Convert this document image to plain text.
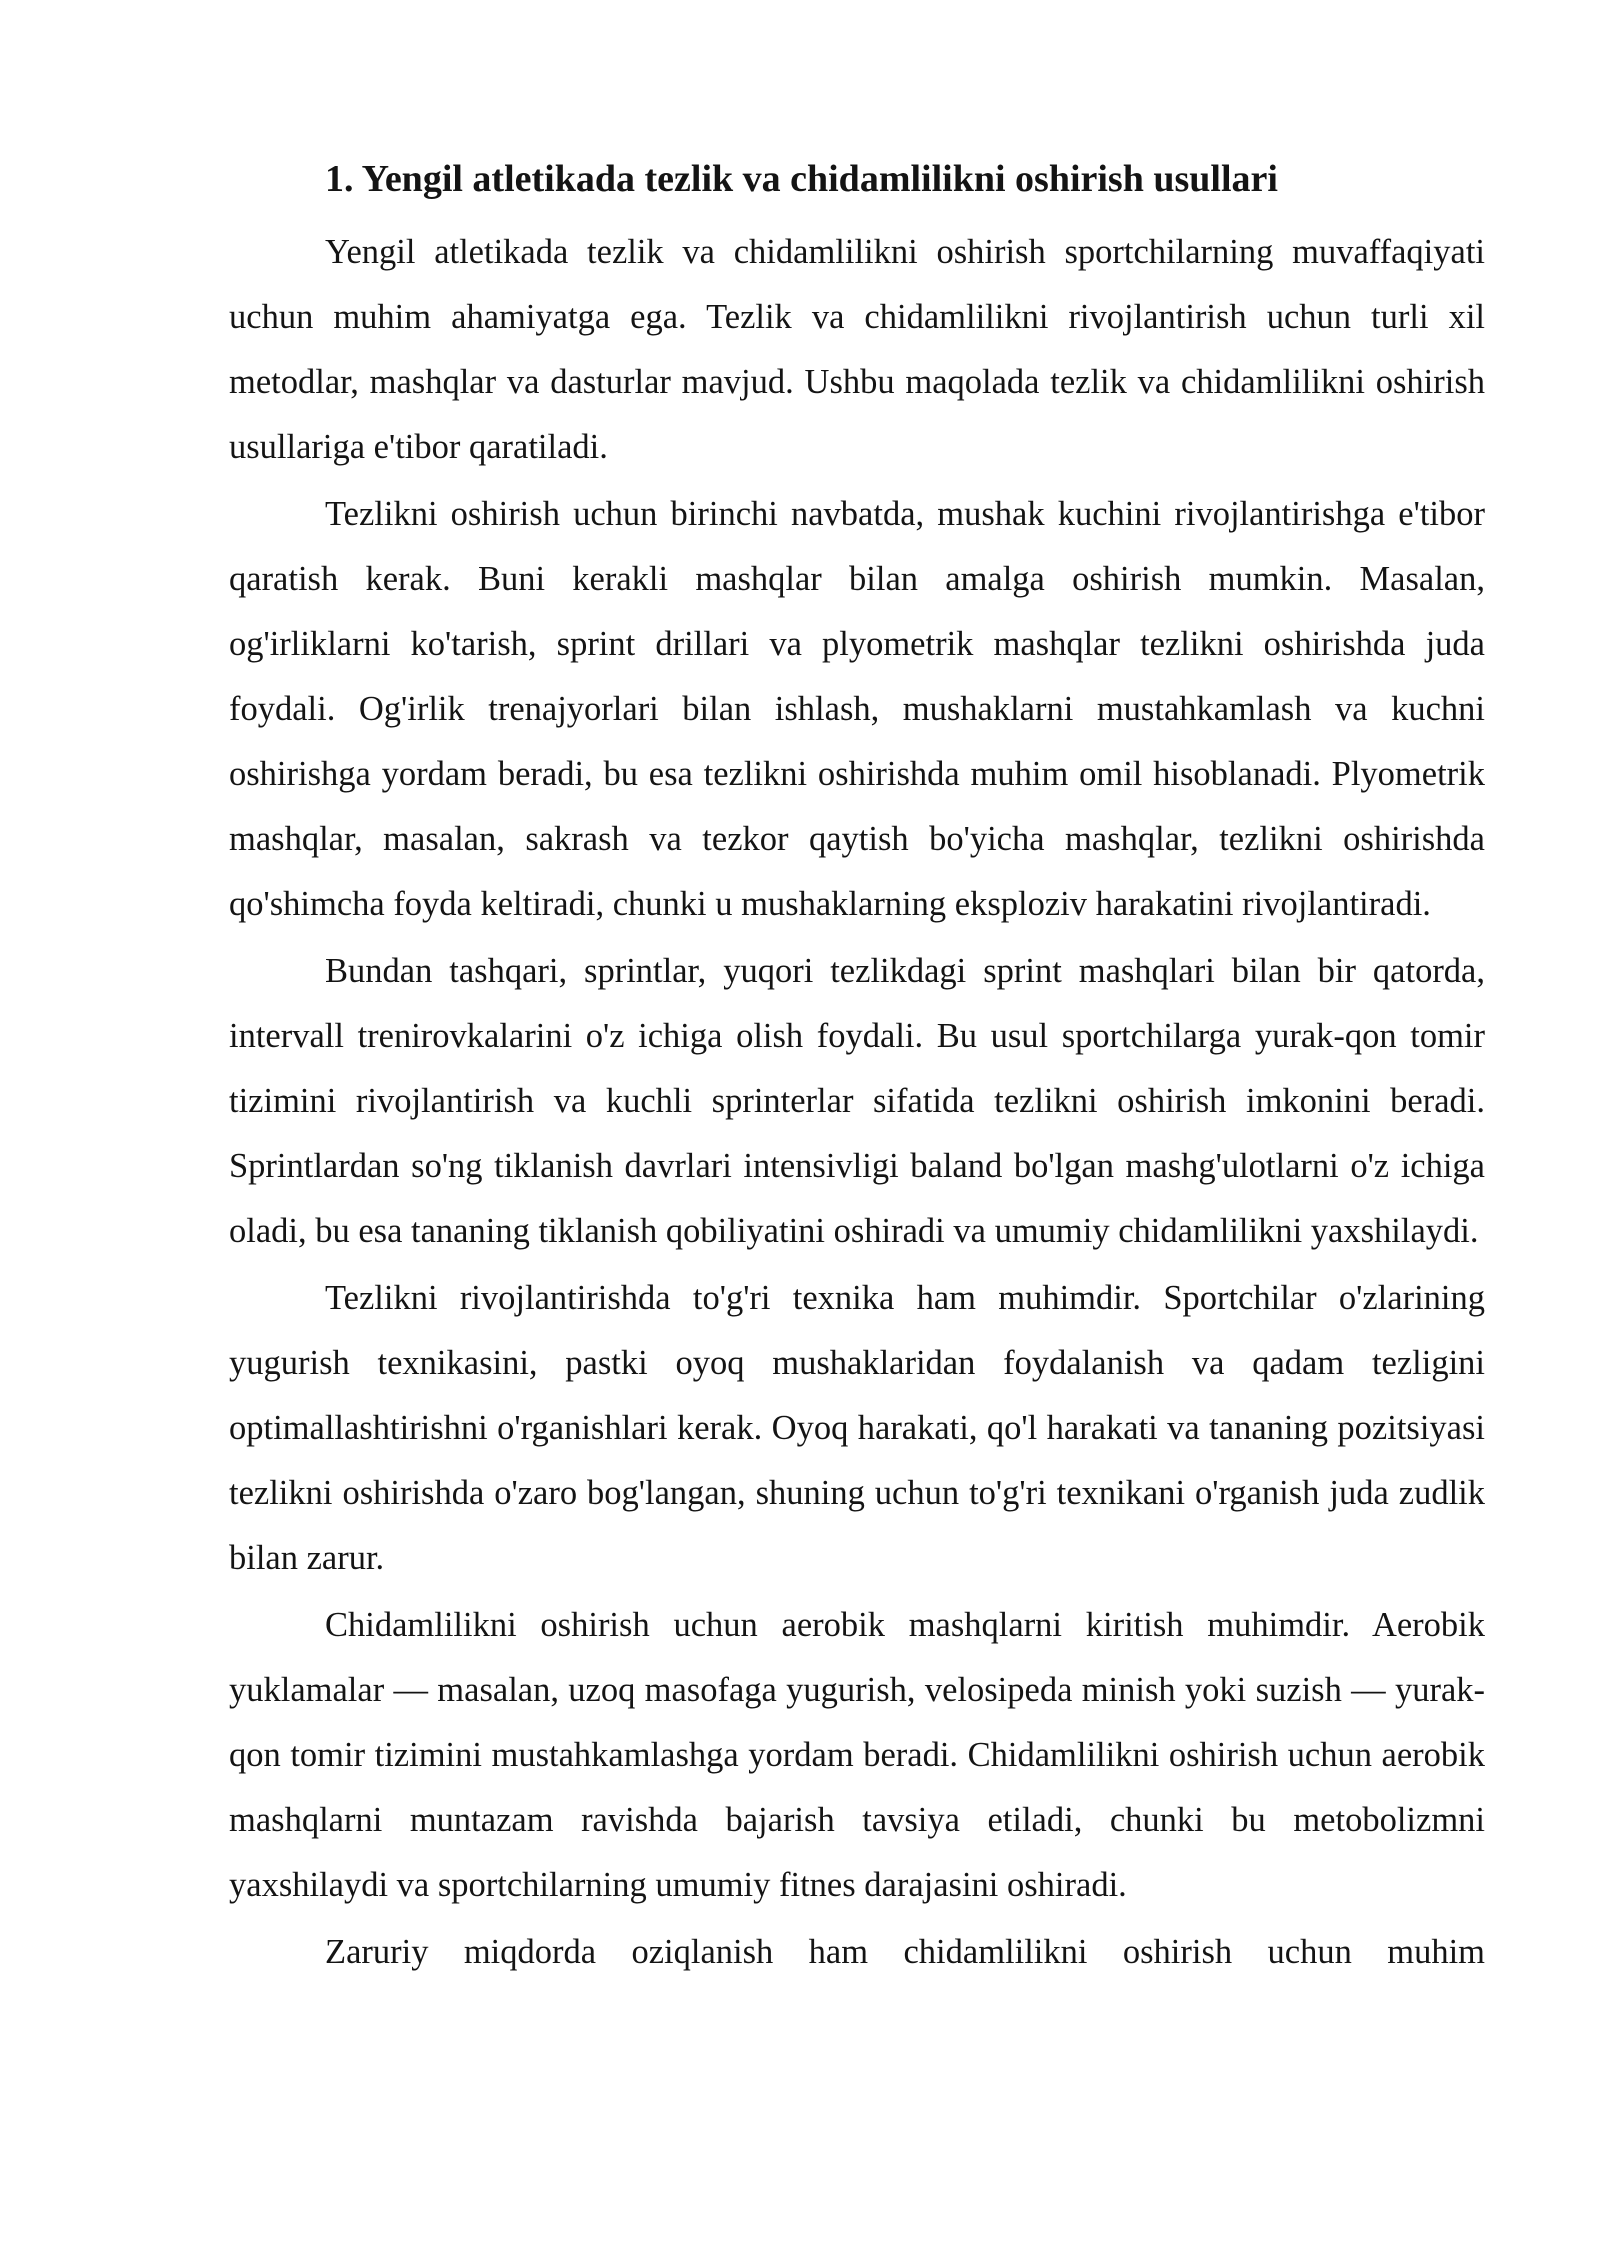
1. Yengil atletikada tezlik va chidamlilikni oshirish usullari

Yengil atletikada tezlik va chidamlilikni oshirish sportchilarning muvaffaqiyati uchun muhim ahamiyatga ega. Tezlik va chidamlilikni rivojlantirish uchun turli xil metodlar, mashqlar va dasturlar mavjud. Ushbu maqolada tezlik va chidamlilikni oshirish usullariga e'tibor qaratiladi.

Tezlikni oshirish uchun birinchi navbatda, mushak kuchini rivojlantirishga e'tibor qaratish kerak. Buni kerakli mashqlar bilan amalga oshirish mumkin. Masalan, og'irliklarni ko'tarish, sprint drillari va plyometrik mashqlar tezlikni oshirishda juda foydali. Og'irlik trenajyorlari bilan ishlash, mushaklarni mustahkamlash va kuchni oshirishga yordam beradi, bu esa tezlikni oshirishda muhim omil hisoblanadi. Plyometrik mashqlar, masalan, sakrash va tezkor qaytish bo'yicha mashqlar, tezlikni oshirishda qo'shimcha foyda keltiradi, chunki u mushaklarning eksploziv harakatini rivojlantiradi.

Bundan tashqari, sprintlar, yuqori tezlikdagi sprint mashqlari bilan bir qatorda, intervall trenirovkalarini o'z ichiga olish foydali. Bu usul sportchilarga yurak-qon tomir tizimini rivojlantirish va kuchli sprinterlar sifatida tezlikni oshirish imkonini beradi. Sprintlardan so'ng tiklanish davrlari intensivligi baland bo'lgan mashg'ulotlarni o'z ichiga oladi, bu esa tananing tiklanish qobiliyatini oshiradi va umumiy chidamlilikni yaxshilaydi.

Tezlikni rivojlantirishda to'g'ri texnika ham muhimdir. Sportchilar o'zlarining yugurish texnikasini, pastki oyoq mushaklaridan foydalanish va qadam tezligini optimallashtirishni o'rganishlari kerak. Oyoq harakati, qo'l harakati va tananing pozitsiyasi tezlikni oshirishda o'zaro bog'langan, shuning uchun to'g'ri texnikani o'rganish juda zudlik bilan zarur.

Chidamlilikni oshirish uchun aerobik mashqlarni kiritish muhimdir. Aerobik yuklamalar — masalan, uzoq masofaga yugurish, velosipeda minish yoki suzish — yurak-qon tomir tizimini mustahkamlashga yordam beradi. Chidamlilikni oshirish uchun aerobik mashqlarni muntazam ravishda bajarish tavsiya etiladi, chunki bu metobolizmni yaxshilaydi va sportchilarning umumiy fitnes darajasini oshiradi.

Zaruriy miqdorda oziqlanish ham chidamlilikni oshirish uchun muhim
